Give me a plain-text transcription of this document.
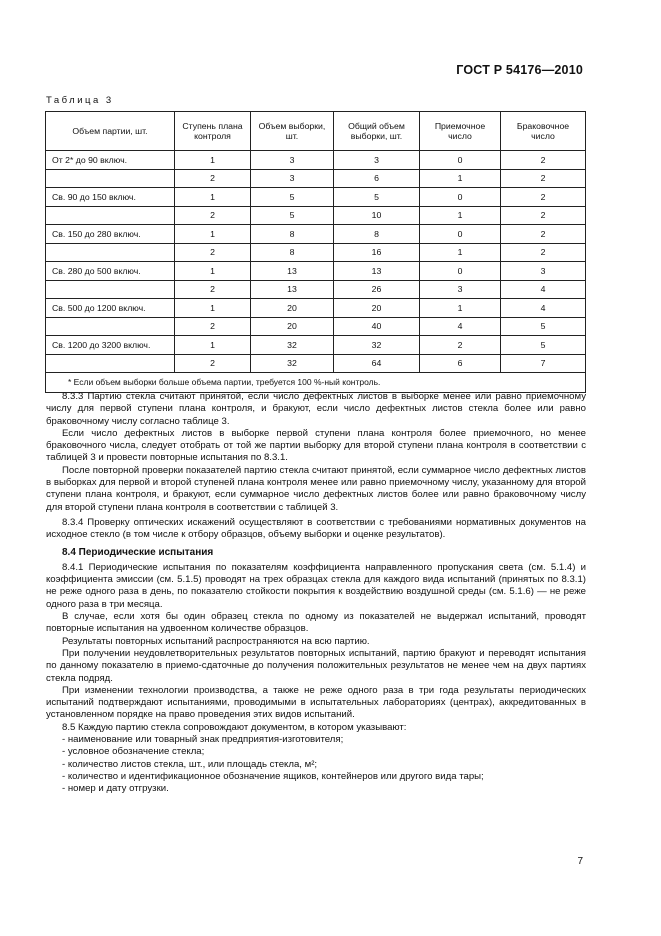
ГОСТ Р 54176—2010
Таблица 3
Объем партии, шт.	Ступень плана контроля	Объем выборки, шт.	Общий объем выборки, шт.	Приемочное число	Браковочное число
От 2* до 90 включ.	1	3	3	0	2
	2	3	6	1	2
Св. 90 до 150 включ.	1	5	5	0	2
	2	5	10	1	2
Св. 150 до 280 включ.	1	8	8	0	2
	2	8	16	1	2
Св. 280 до 500 включ.	1	13	13	0	3
	2	13	26	3	4
Св. 500 до 1200 включ.	1	20	20	1	4
	2	20	40	4	5
Св. 1200 до 3200 включ.	1	32	32	2	5
	2	32	64	6	7
* Если объем выборки больше объема партии, требуется 100 %-ный контроль.					

8.3.3 Партию стекла считают принятой, если число дефектных листов в выборке менее или равно приемочному числу для первой ступени плана контроля, и бракуют, если число дефектных листов стекла более или равно браковочному числу согласно таблице 3.

Если число дефектных листов в выборке первой ступени плана контроля более приемочного, но менее браковочного числа, следует отобрать от той же партии выборку для второй ступени плана контроля в соответствии с таблицей 3 и провести повторные испытания по 8.3.1.

После повторной проверки показателей партию стекла считают принятой, если суммарное число дефектных листов в выборках для первой и второй ступеней плана контроля менее или равно приемочному числу, указанному для второй ступени плана контроля, и бракуют, если суммарное число дефектных листов более или равно браковочному числу для второй ступени плана контроля в соответствии с таблицей 3.

8.3.4 Проверку оптических искажений осуществляют в соответствии с требованиями нормативных документов на исходное стекло (в том числе к отбору образцов, объему выборки и оценке результатов).

8.4 Периодические испытания

8.4.1 Периодические испытания по показателям коэффициента направленного пропускания света (см. 5.1.4) и коэффициента эмиссии (см. 5.1.5) проводят на трех образцах стекла для каждого вида испытаний (принятых по 8.3.1) не реже одного раза в день, по показателю стойкости покрытия к воздействию воздушной среды (см. 5.1.6) — не реже одного раза в три месяца.

В случае, если хотя бы один образец стекла по одному из показателей не выдержал испытаний, проводят повторные испытания на удвоенном количестве образцов.

Результаты повторных испытаний распространяются на всю партию.

При получении неудовлетворительных результатов повторных испытаний, партию бракуют и переводят испытания по данному показателю в приемо-сдаточные до получения положительных результатов не менее чем на двух партиях стекла подряд.

При изменении технологии производства, а также не реже одного раза в три года результаты периодических испытаний подтверждают испытаниями, проводимыми в испытательных лабораториях (центрах), аккредитованных в установленном порядке на право проведения этих видов испытаний.

8.5 Каждую партию стекла сопровождают документом, в котором указывают:

- наименование или товарный знак предприятия-изготовителя;
- условное обозначение стекла;
- количество листов стекла, шт., или площадь стекла, м²;
- количество и идентификационное обозначение ящиков, контейнеров или другого вида тары;
- номер и дату отгрузки.
7
